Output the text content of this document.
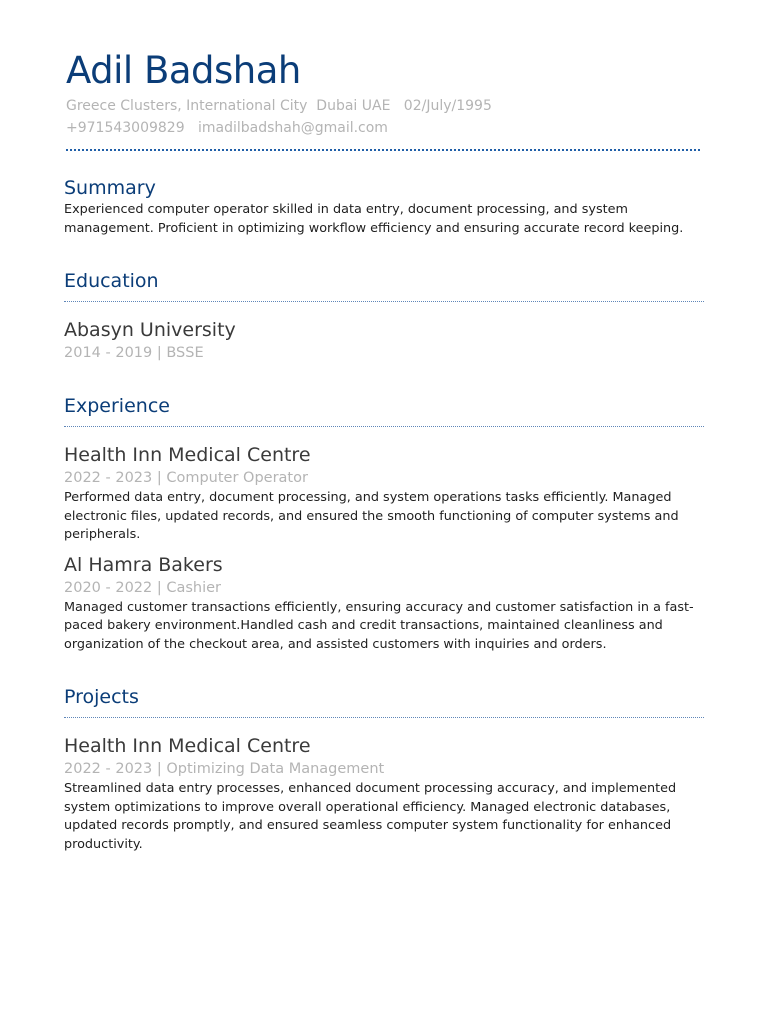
Adil Badshah
Greece Clusters, International City  Dubai UAE   02/July/1995
+971543009829   imadilbadshah@gmail.com
Summary

Experienced computer operator skilled in data entry, document processing, and system management. Proficient in optimizing workflow efficiency and ensuring accurate record keeping.

Education
Abasyn University
2014 - 2019 | BSSE
Experience
Health Inn Medical Centre
2022 - 2023 | Computer Operator

Performed data entry, document processing, and system operations tasks efficiently. Managed electronic files, updated records, and ensured the smooth functioning of computer systems and peripherals.

Al Hamra Bakers
2020 - 2022 | Cashier

Managed customer transactions efficiently, ensuring accuracy and customer satisfaction in a fast-paced bakery environment.Handled cash and credit transactions, maintained cleanliness and organization of the checkout area, and assisted customers with inquiries and orders.

Projects
Health Inn Medical Centre
2022 - 2023 | Optimizing Data Management

Streamlined data entry processes, enhanced document processing accuracy, and implemented system optimizations to improve overall operational efficiency. Managed electronic databases, updated records promptly, and ensured seamless computer system functionality for enhanced productivity.
